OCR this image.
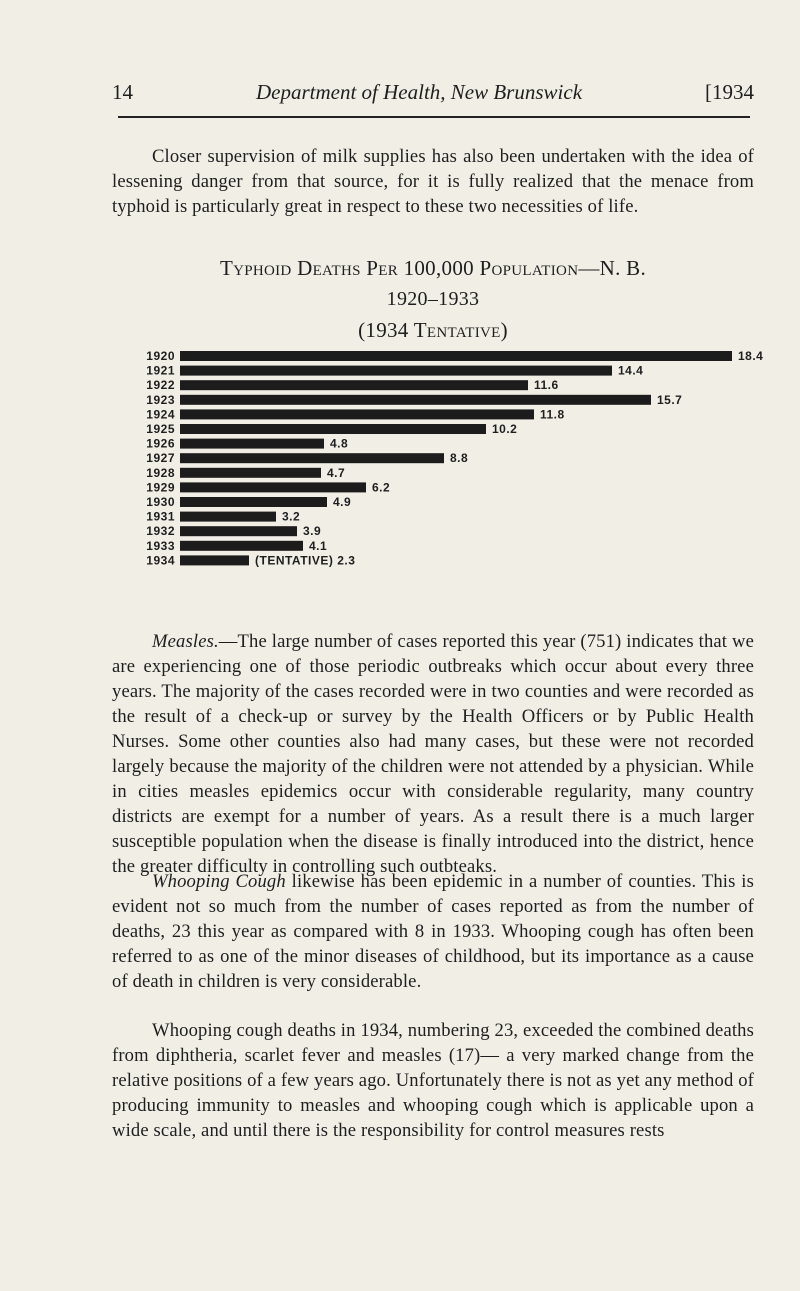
14	Department of Health, New Brunswick	[1934

Closer supervision of milk supplies has also been undertaken with the idea of lessening danger from that source, for it is fully realized that the menace from typhoid is particularly great in respect to these two necessities of life.

Typhoid Deaths Per 100,000 Population—N. B.
1920–1933
(1934 Tentative)
1920	18.4
1921	14.4
1922	11.6
1923	15.7
1924	11.8
1925	10.2
1926	4.8
1927	8.8
1928	4.7
1929	6.2
1930	4.9
1931	3.2
1932	3.9
1933	4.1
1934	(TENTATIVE) 2.3

Measles.—The large number of cases reported this year (751) indicates that we are experiencing one of those periodic outbreaks which occur about every three years. The majority of the cases recorded were in two counties and were recorded as the result of a check-up or survey by the Health Officers or by Public Health Nurses. Some other counties also had many cases, but these were not recorded largely because the majority of the children were not attended by a physician. While in cities measles epidemics occur with considerable regularity, many country districts are exempt for a number of years. As a result there is a much larger susceptible population when the disease is finally introduced into the district, hence the greater difficulty in controlling such outbteaks.

Whooping Cough likewise has been epidemic in a number of counties. This is evident not so much from the number of cases reported as from the number of deaths, 23 this year as compared with 8 in 1933. Whooping cough has often been referred to as one of the minor diseases of childhood, but its importance as a cause of death in children is very considerable.

Whooping cough deaths in 1934, numbering 23, exceeded the combined deaths from diphtheria, scarlet fever and measles (17)— a very marked change from the relative positions of a few years ago. Unfortunately there is not as yet any method of producing immunity to measles and whooping cough which is applicable upon a wide scale, and until there is the responsibility for control measures rests
